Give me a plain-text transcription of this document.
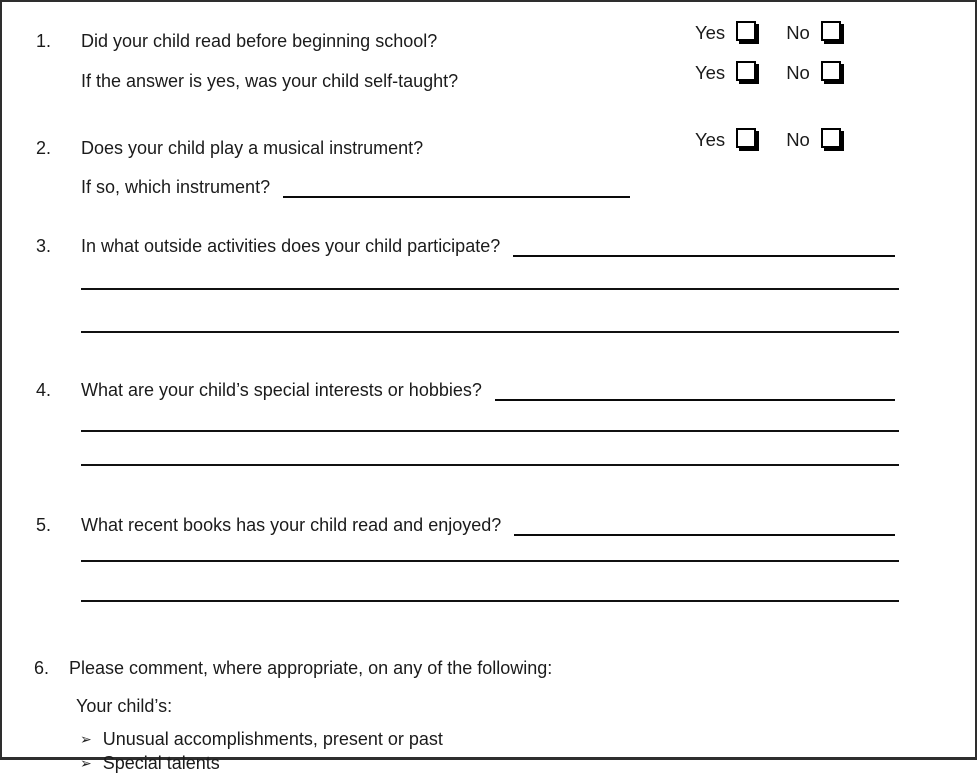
1.	Did your child read before beginning school?	Yes	No
If the answer is yes, was your child self-taught?	Yes	No
2.	Does your child play a musical instrument?	Yes	No
If so, which instrument?
3.	In what outside activities does your child participate?
4.	What are your child’s special interests or hobbies?
5.	What recent books has your child read and enjoyed?
6.	Please comment, where appropriate, on any of the following:
Your child’s:
➢ Unusual accomplishments, present or past
➢ Special talents
